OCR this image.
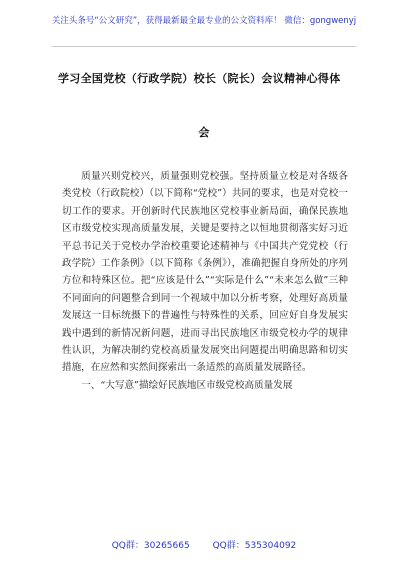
关注头条号“公文研究”，获得最新最全最专业的公文资料库！ 微信：gongwenyj
学习全国党校（行政学院）校长（院长）会议精神心得体
会

质量兴则党校兴，质量强则党校强。坚持质量立校是对各级各类党校（行政院校）（以下简称“党校”）共同的要求，也是对党校一切工作的要求。开创新时代民族地区党校事业新局面，确保民族地区市级党校实现高质量发展，关键是要持之以恒地贯彻落实好习近平总书记关于党校办学治校重要论述精神与《中国共产党党校（行政学院）工作条例》（以下简称《条例》），准确把握自身所处的序列方位和特殊区位。把“应该是什么”“实际是什么”“未来怎么做”三种不同面向的问题整合到同一个视域中加以分析考察，处理好高质量发展这一目标统摄下的普遍性与特殊性的关系，回应好自身发展实践中遇到的新情况新问题，进而寻出民族地区市级党校办学的规律性认识，为解决制约党校高质量发展突出问题提出明确思路和切实措施，在应然和实然间探索出一条适然的高质量发展路径。

一、“大写意”描绘好民族地区市级党校高质量发展

QQ群：30265665	QQ群：535304092
